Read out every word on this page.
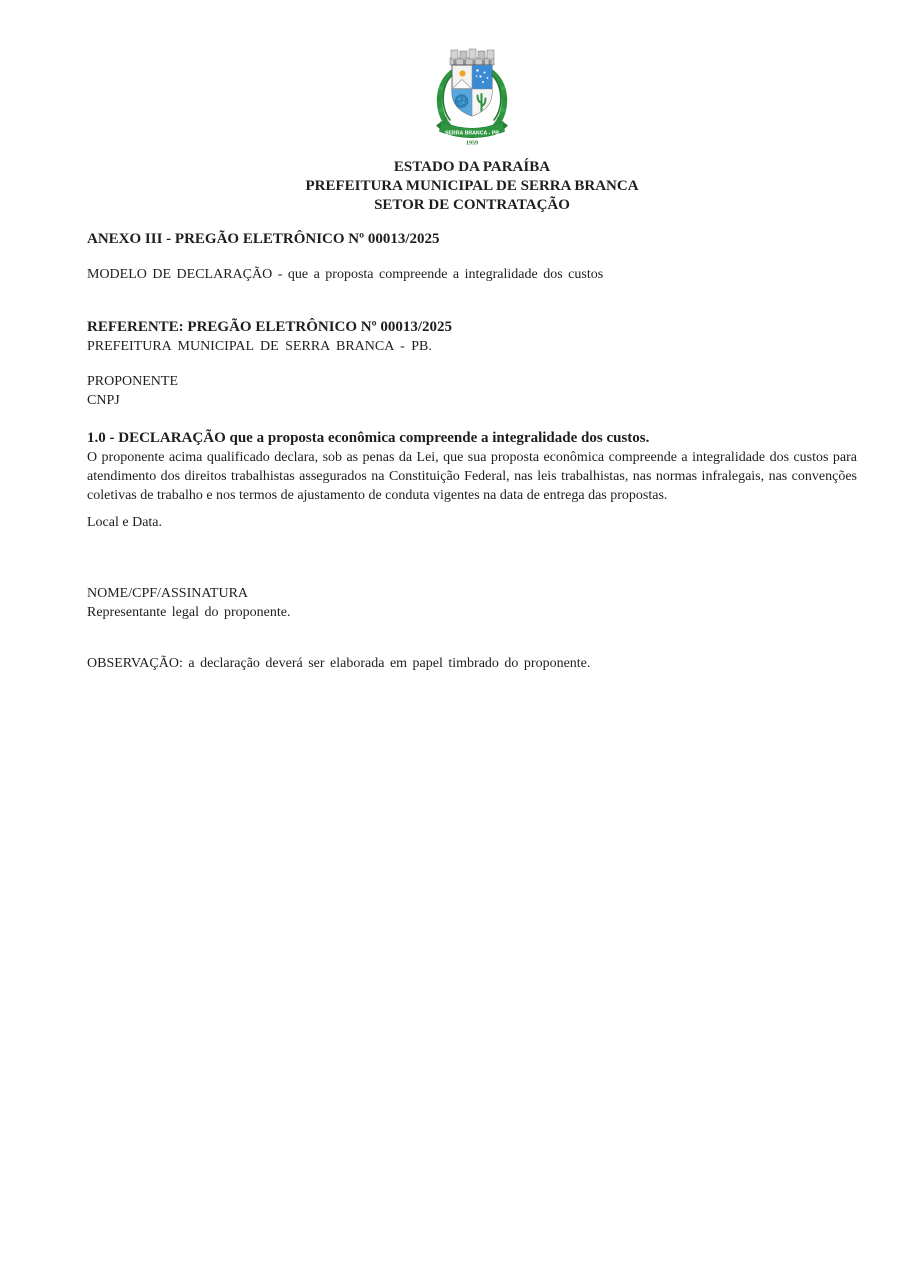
SERRA BRANCA - PB
1959
ESTADO DA PARAÍBA
PREFEITURA MUNICIPAL DE SERRA BRANCA
SETOR DE CONTRATAÇÃO
ANEXO III - PREGÃO ELETRÔNICO Nº 00013/2025
MODELO DE DECLARAÇÃO - que a proposta compreende a integralidade dos custos
REFERENTE: PREGÃO ELETRÔNICO Nº 00013/2025
PREFEITURA MUNICIPAL DE SERRA BRANCA - PB.
PROPONENTE
CNPJ
1.0 - DECLARAÇÃO que a proposta econômica compreende a integralidade dos custos.

O proponente acima qualificado declara, sob as penas da Lei, que sua proposta econômica compreende a integralidade dos custos para atendimento dos direitos trabalhistas assegurados na Constituição Federal, nas leis trabalhistas, nas normas infralegais, nas convenções coletivas de trabalho e nos termos de ajustamento de conduta vigentes na data de entrega das propostas.

Local e Data.
NOME/CPF/ASSINATURA
Representante legal do proponente.
OBSERVAÇÃO: a declaração deverá ser elaborada em papel timbrado do proponente.
